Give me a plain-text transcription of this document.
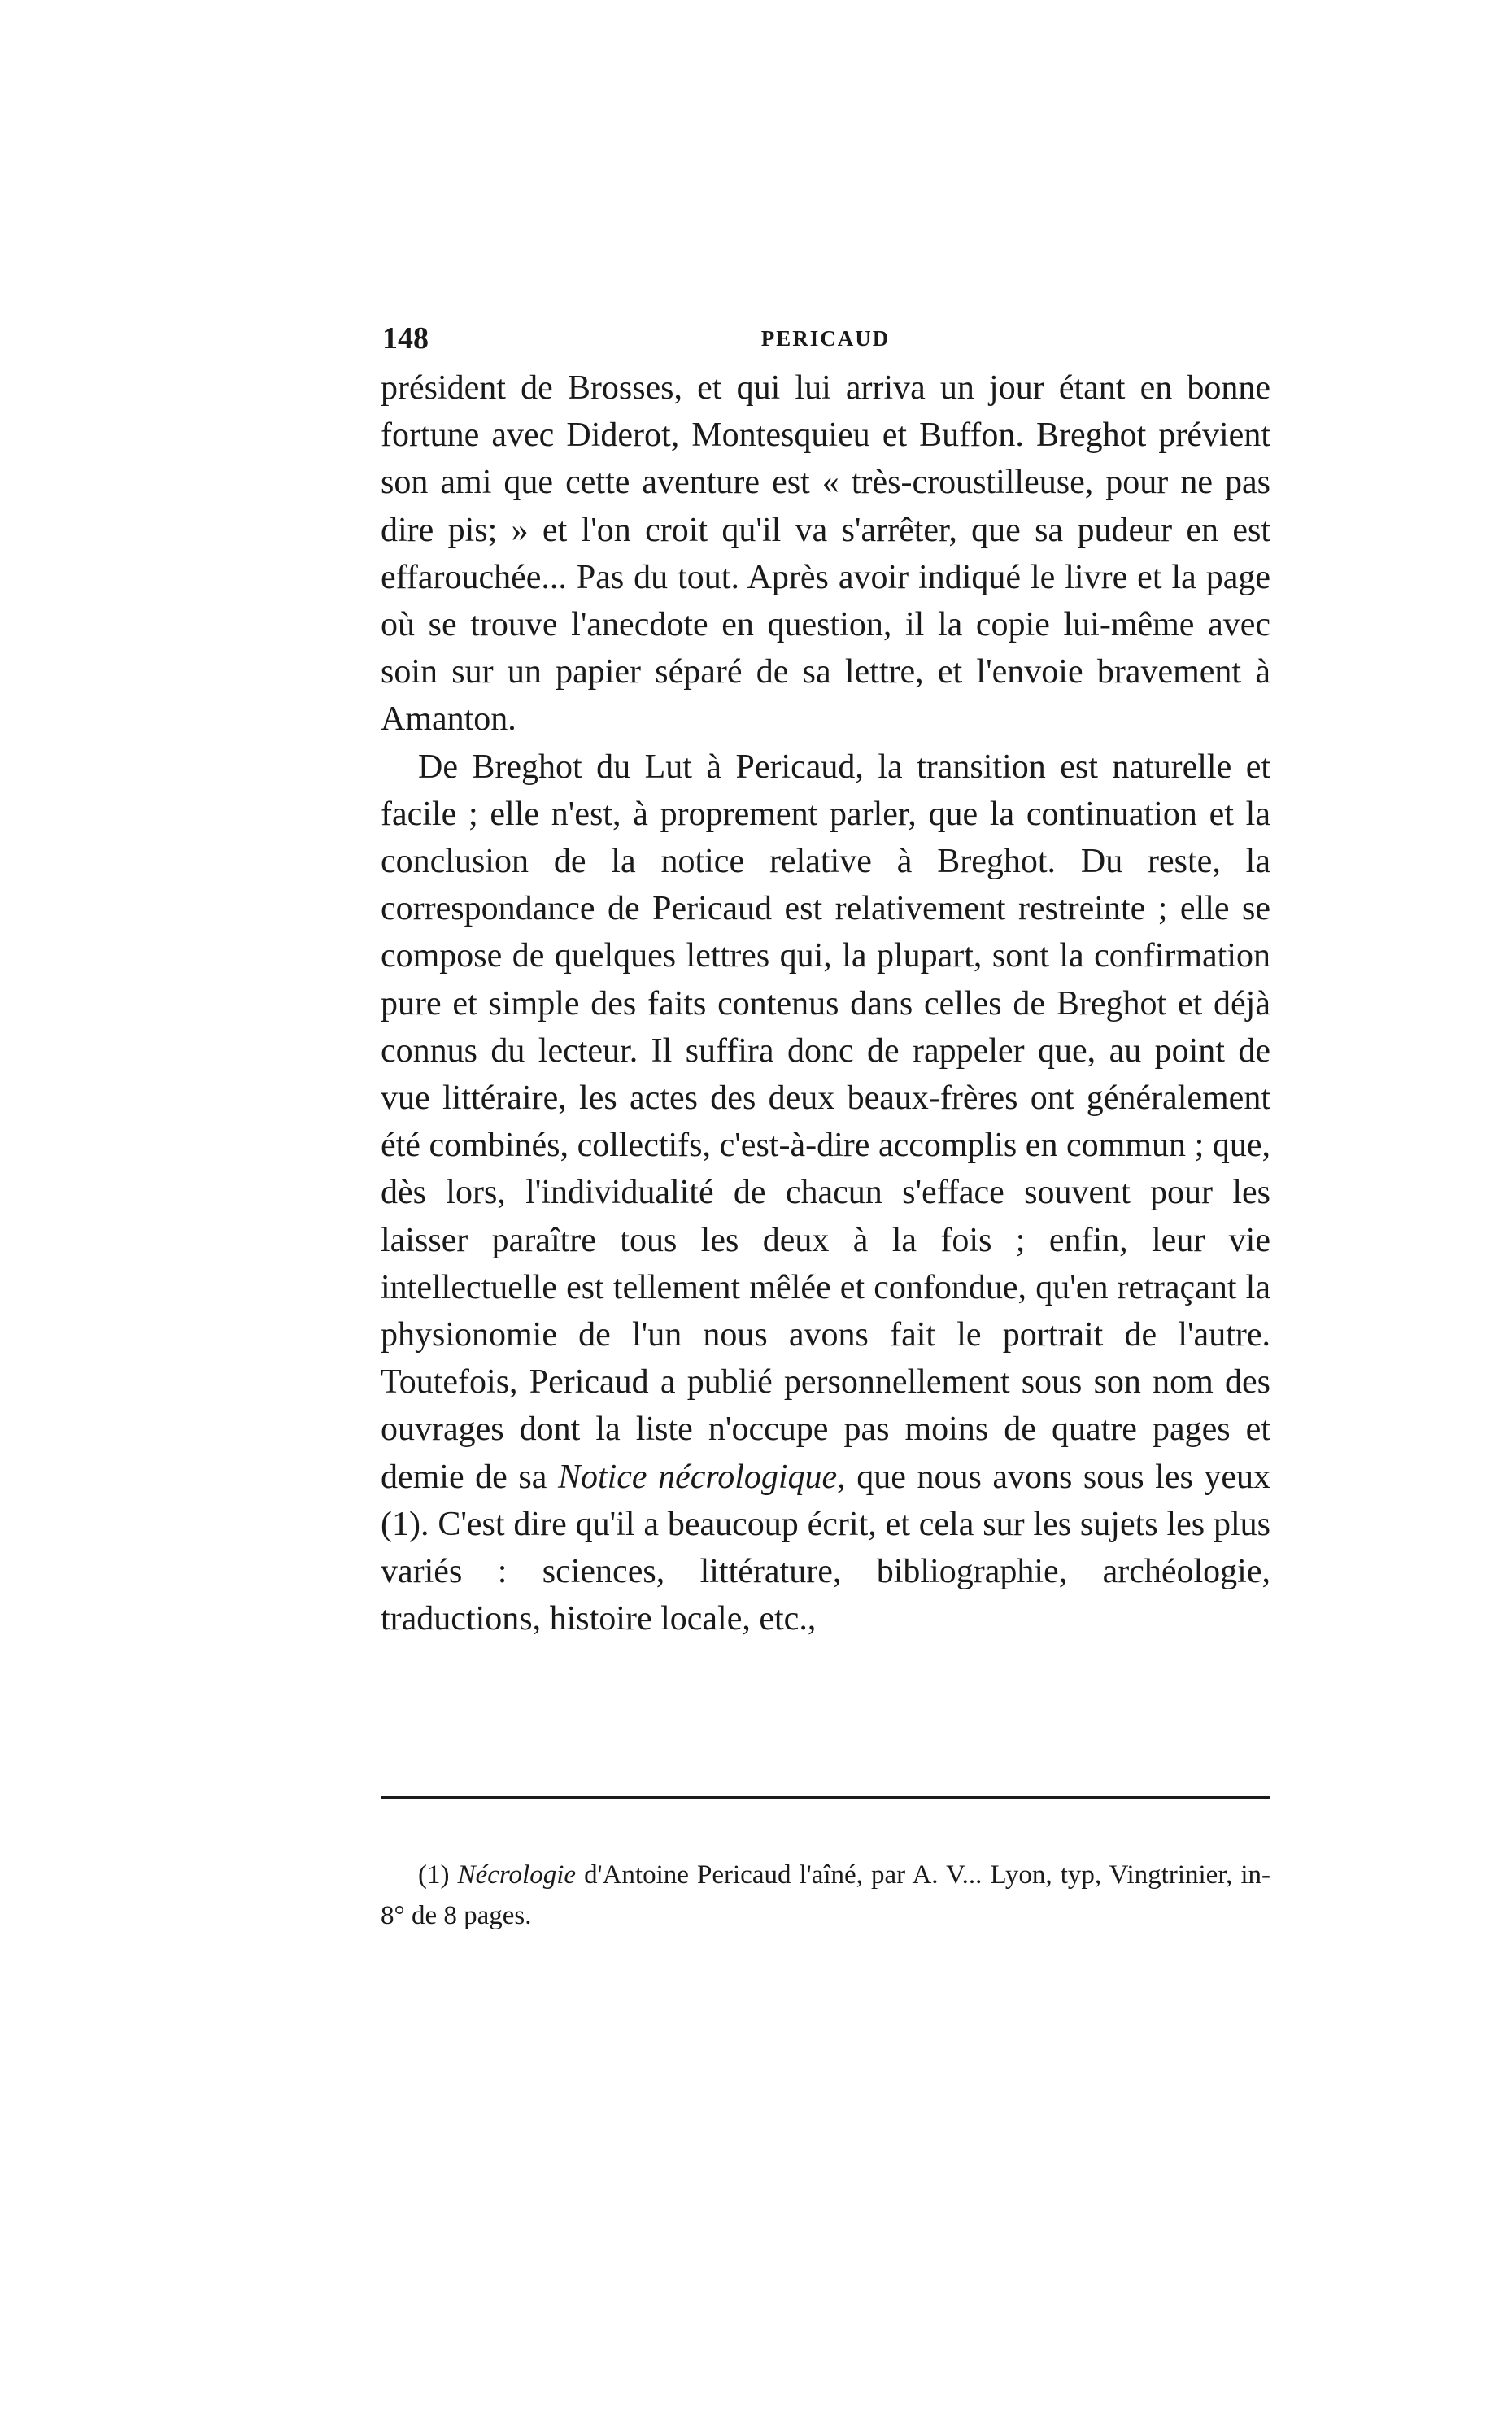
148	PERICAUD

président de Brosses, et qui lui arriva un jour étant en bonne fortune avec Diderot, Montesquieu et Buffon. Breghot prévient son ami que cette aventure est « très-croustilleuse, pour ne pas dire pis; » et l'on croit qu'il va s'arrêter, que sa pudeur en est effarouchée... Pas du tout. Après avoir indiqué le livre et la page où se trouve l'anecdote en question, il la copie lui-même avec soin sur un papier séparé de sa lettre, et l'envoie bravement à Amanton.

De Breghot du Lut à Pericaud, la transition est naturelle et facile ; elle n'est, à proprement parler, que la continuation et la conclusion de la notice relative à Breghot. Du reste, la correspondance de Pericaud est relativement restreinte ; elle se compose de quelques lettres qui, la plupart, sont la confirmation pure et simple des faits contenus dans celles de Breghot et déjà connus du lecteur. Il suffira donc de rappeler que, au point de vue littéraire, les actes des deux beaux-frères ont généralement été combinés, collectifs, c'est-à-dire accomplis en commun ; que, dès lors, l'individualité de chacun s'efface souvent pour les laisser paraître tous les deux à la fois ; enfin, leur vie intellectuelle est tellement mêlée et confondue, qu'en retraçant la physionomie de l'un nous avons fait le portrait de l'autre. Toutefois, Pericaud a publié personnellement sous son nom des ouvrages dont la liste n'occupe pas moins de quatre pages et demie de sa Notice nécrologique, que nous avons sous les yeux (1). C'est dire qu'il a beaucoup écrit, et cela sur les sujets les plus variés : sciences, littérature, bibliographie, archéologie, traductions, histoire locale, etc.,

(1) Nécrologie d'Antoine Pericaud l'aîné, par A. V... Lyon, typ, Vingtrinier, in-8° de 8 pages.
